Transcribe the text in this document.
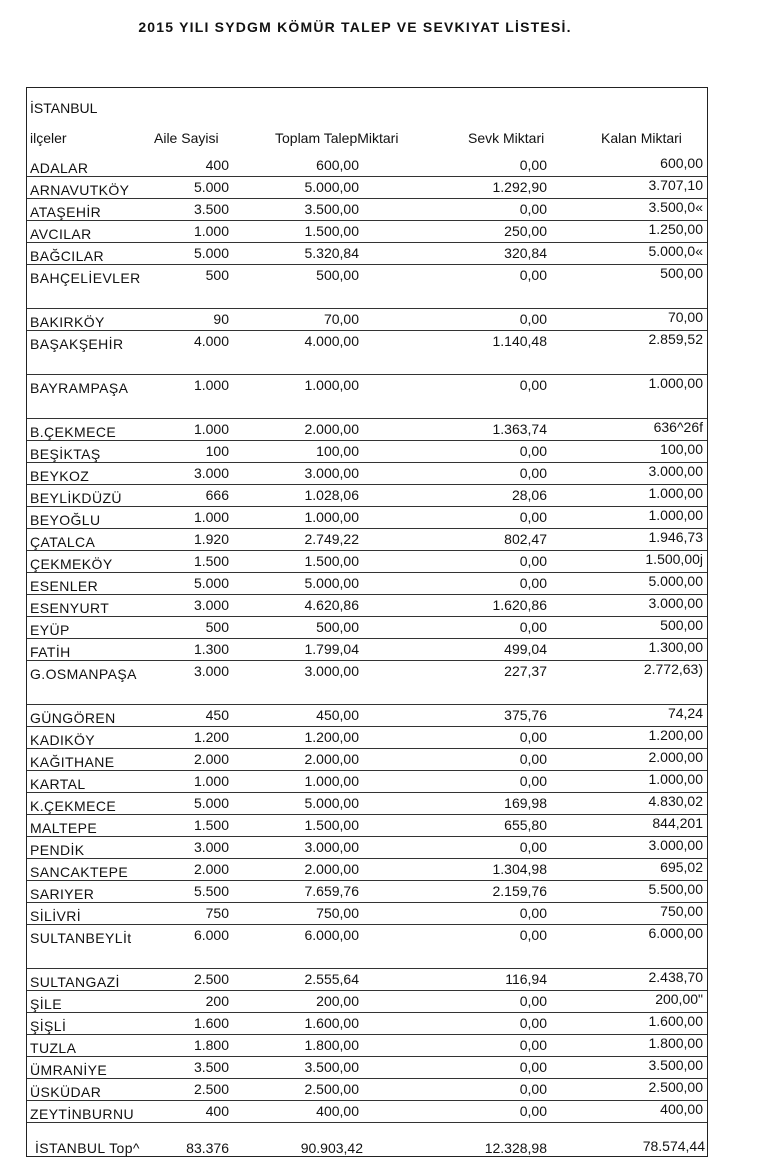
2015 YILI SYDGM KÖMÜR TALEP VE SEVKIYAT LİSTESİ.
İSTANBUL
ilçeler	Aile Sayisi	Toplam TalepMiktari	Sevk Miktari	Kalan Miktari
ADALAR	400	600,00	0,00	600,00
ARNAVUTKÖY	5.000	5.000,00	1.292,90	3.707,10
ATAŞEHİR	3.500	3.500,00	0,00	3.500,0«
AVCILAR	1.000	1.500,00	250,00	1.250,00
BAĞCILAR	5.000	5.320,84	320,84	5.000,0«
BAHÇELİEVLER	500	500,00	0,00	500,00
BAKIRKÖY	90	70,00	0,00	70,00
BAŞAKŞEHİR	4.000	4.000,00	1.140,48	2.859,52
BAYRAMPAŞA	1.000	1.000,00	0,00	1.000,00
B.ÇEKMECE	1.000	2.000,00	1.363,74	636^26f
BEŞİKTAŞ	100	100,00	0,00	100,00
BEYKOZ	3.000	3.000,00	0,00	3.000,00
BEYLİKDÜZÜ	666	1.028,06	28,06	1.000,00
BEYOĞLU	1.000	1.000,00	0,00	1.000,00
ÇATALCA	1.920	2.749,22	802,47	1.946,73
ÇEKMEKÖY	1.500	1.500,00	0,00	1.500,00j
ESENLER	5.000	5.000,00	0,00	5.000,00
ESENYURT	3.000	4.620,86	1.620,86	3.000,00
EYÜP	500	500,00	0,00	500,00
FATİH	1.300	1.799,04	499,04	1.300,00
G.OSMANPAŞA	3.000	3.000,00	227,37	2.772,63)
GÜNGÖREN	450	450,00	375,76	74,24
KADIKÖY	1.200	1.200,00	0,00	1.200,00
KAĞITHANE	2.000	2.000,00	0,00	2.000,00
KARTAL	1.000	1.000,00	0,00	1.000,00
K.ÇEKMECE	5.000	5.000,00	169,98	4.830,02
MALTEPE	1.500	1.500,00	655,80	844,201
PENDİK	3.000	3.000,00	0,00	3.000,00
SANCAKTEPE	2.000	2.000,00	1.304,98	695,02
SARIYER	5.500	7.659,76	2.159,76	5.500,00
SİLİVRİ	750	750,00	0,00	750,00
SULTANBEYLİt	6.000	6.000,00	0,00	6.000,00
SULTANGAZİ	2.500	2.555,64	116,94	2.438,70
ŞİLE	200	200,00	0,00	200,00"
ŞİŞLİ	1.600	1.600,00	0,00	1.600,00
TUZLA	1.800	1.800,00	0,00	1.800,00
ÜMRANİYE	3.500	3.500,00	0,00	3.500,00
ÜSKÜDAR	2.500	2.500,00	0,00	2.500,00
ZEYTİNBURNU	400	400,00	0,00	400,00
İSTANBUL Top^	83.376	90.903,42	12.328,98	78.574,44
